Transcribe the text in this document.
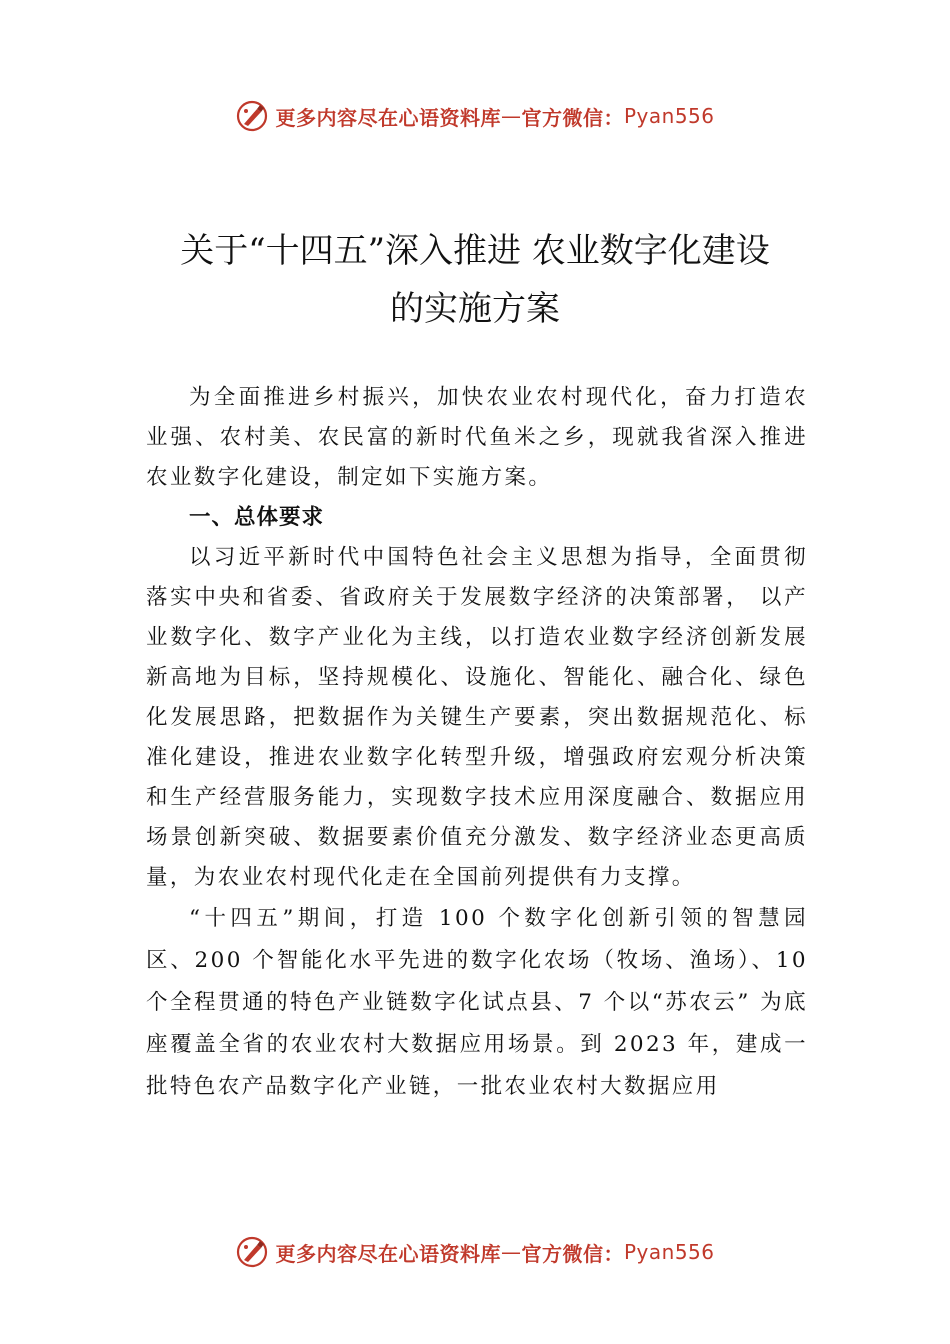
更多内容尽在心语资料库 — 官方微信： Pyan556
关于“十四五”深入推进 农业数字化建设
的实施方案

为全面推进乡村振兴，加快农业农村现代化，奋力打造农业强、农村美、农民富的新时代鱼米之乡，现就我省深入推进农业数字化建设，制定如下实施方案。

一、总体要求

以习近平新时代中国特色社会主义思想为指导，全面贯彻落实中央和省委、省政府关于发展数字经济的决策部署， 以产业数字化、数字产业化为主线，以打造农业数字经济创新发展新高地为目标，坚持规模化、设施化、智能化、融合化、绿色化发展思路，把数据作为关键生产要素，突出数据规范化、标准化建设，推进农业数字化转型升级，增强政府宏观分析决策和生产经营服务能力，实现数字技术应用深度融合、数据应用场景创新突破、数据要素价值充分激发、数字经济业态更高质量，为农业农村现代化走在全国前列提供有力支撑。

“十四五”期间，打造 100 个数字化创新引领的智慧园区、200 个智能化水平先进的数字化农场（牧场、渔场）、10 个全程贯通的特色产业链数字化试点县、7 个以“苏农云” 为底座覆盖全省的农业农村大数据应用场景。到 2023 年，建成一批特色农产品数字化产业链，一批农业农村大数据应用

更多内容尽在心语资料库 — 官方微信： Pyan556
